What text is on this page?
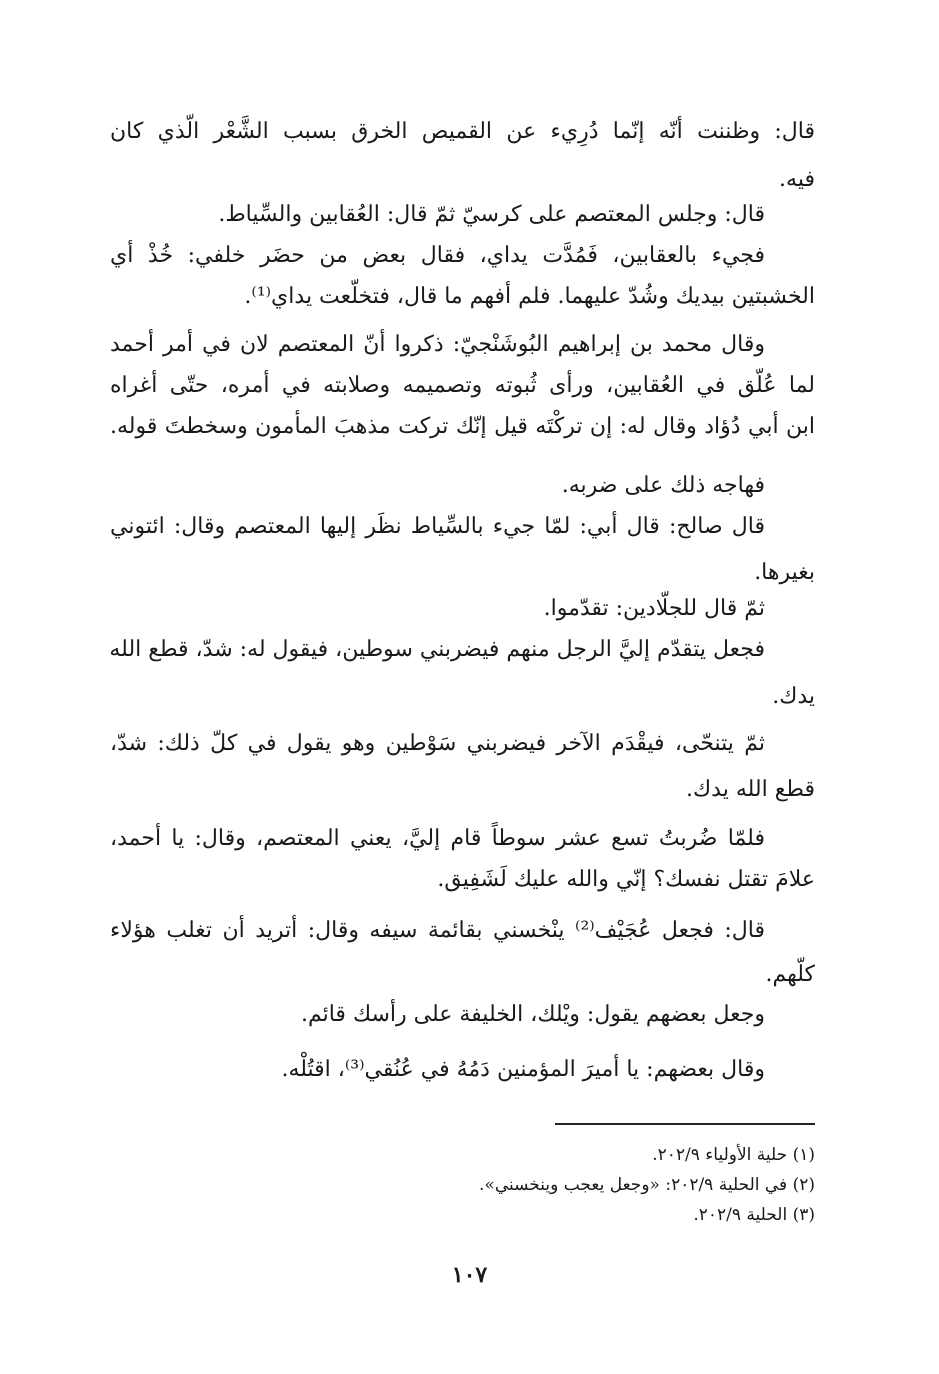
قال: وظننت أنّه إنّما دُرِيء عن القميص الخرق بسبب الشَّعْر الّذي كان
فيه.
قال: وجلس المعتصم على كرسيّ ثمّ قال: العُقابين والسِّياط.
فجيء بالعقابين، فَمُدَّت يداي، فقال بعض من حضَر خلفي: خُذْ أي
الخشبتين بيديك وشُدّ عليهما. فلم أفهم ما قال، فتخلّعت يداي⁽¹⁾.
وقال محمد بن إبراهيم البُوشَنْجيّ: ذكروا أنّ المعتصم لان في أمر أحمد
لما عُلّق في العُقابين، ورأى ثُبوته وتصميمه وصلابته في أمره، حتّى أغراه
ابن أبي دُؤاد وقال له: إن تركْتَه قيل إنّك تركت مذهبَ المأمون وسخطتَ قوله.
فهاجه ذلك على ضربه.
قال صالح: قال أبي: لمّا جيء بالسِّياط نظَر إليها المعتصم وقال: ائتوني
بغيرها.
ثمّ قال للجلّادين: تقدّموا.
فجعل يتقدّم إليَّ الرجل منهم فيضربني سوطين، فيقول له: شدّ، قطع الله
يدك.
ثمّ يتنحّى، فيقْدَم الآخر فيضربني سَوْطين وهو يقول في كلّ ذلك: شدّ،
قطع الله يدك.
فلمّا ضُربتُ تسع عشر سوطاً قام إليَّ، يعني المعتصم، وقال: يا أحمد،
علامَ تقتل نفسك؟ إنّي والله عليك لَشَفِيق.
قال: فجعل عُجَيْف⁽²⁾ ينْخسني بقائمة سيفه وقال: أتريد أن تغلب هؤلاء
كلّهم.
وجعل بعضهم يقول: ويْلك، الخليفة على رأسك قائم.
وقال بعضهم: يا أميرَ المؤمنين دَمُهُ في عُنُقي⁽³⁾، اقتُلْه.
(١) حلية الأولياء ٢٠٢/٩.
(٢) في الحلية ٢٠٢/٩: «وجعل يعجب وينخسني».
(٣) الحلية ٢٠٢/٩.
١٠٧
